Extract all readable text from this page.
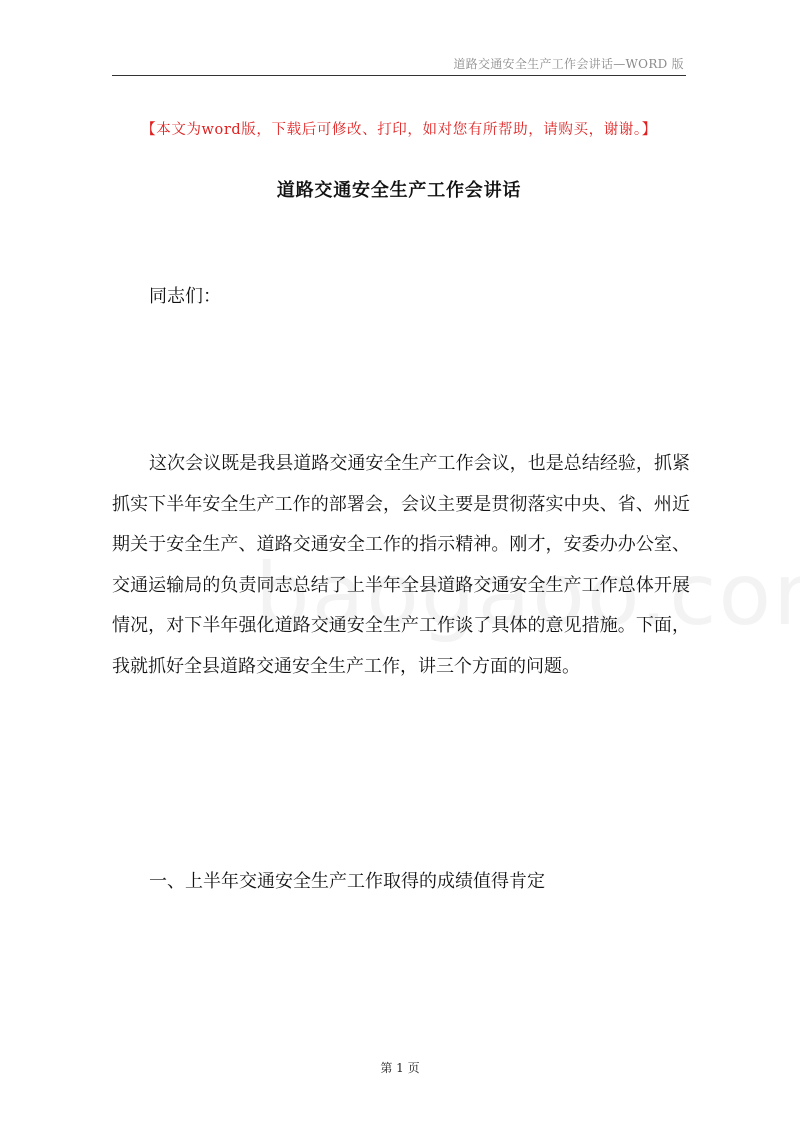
道路交通安全生产工作会讲话—WORD 版
【本文为word版，下载后可修改、打印，如对您有所帮助，请购买，谢谢。】
道路交通安全生产工作会讲话
同志们：

这次会议既是我县道路交通安全生产工作会议，也是总结经验，抓紧抓实下半年安全生产工作的部署会，会议主要是贯彻落实中央、省、州近期关于安全生产、道路交通安全工作的指示精神。刚才，安委办办公室、交通运输局的负责同志总结了上半年全县道路交通安全生产工作总体开展情况，对下半年强化道路交通安全生产工作谈了具体的意见措施。下面，我就抓好全县道路交通安全生产工作，讲三个方面的问题。

一、上半年交通安全生产工作取得的成绩值得肯定
第 1 页
